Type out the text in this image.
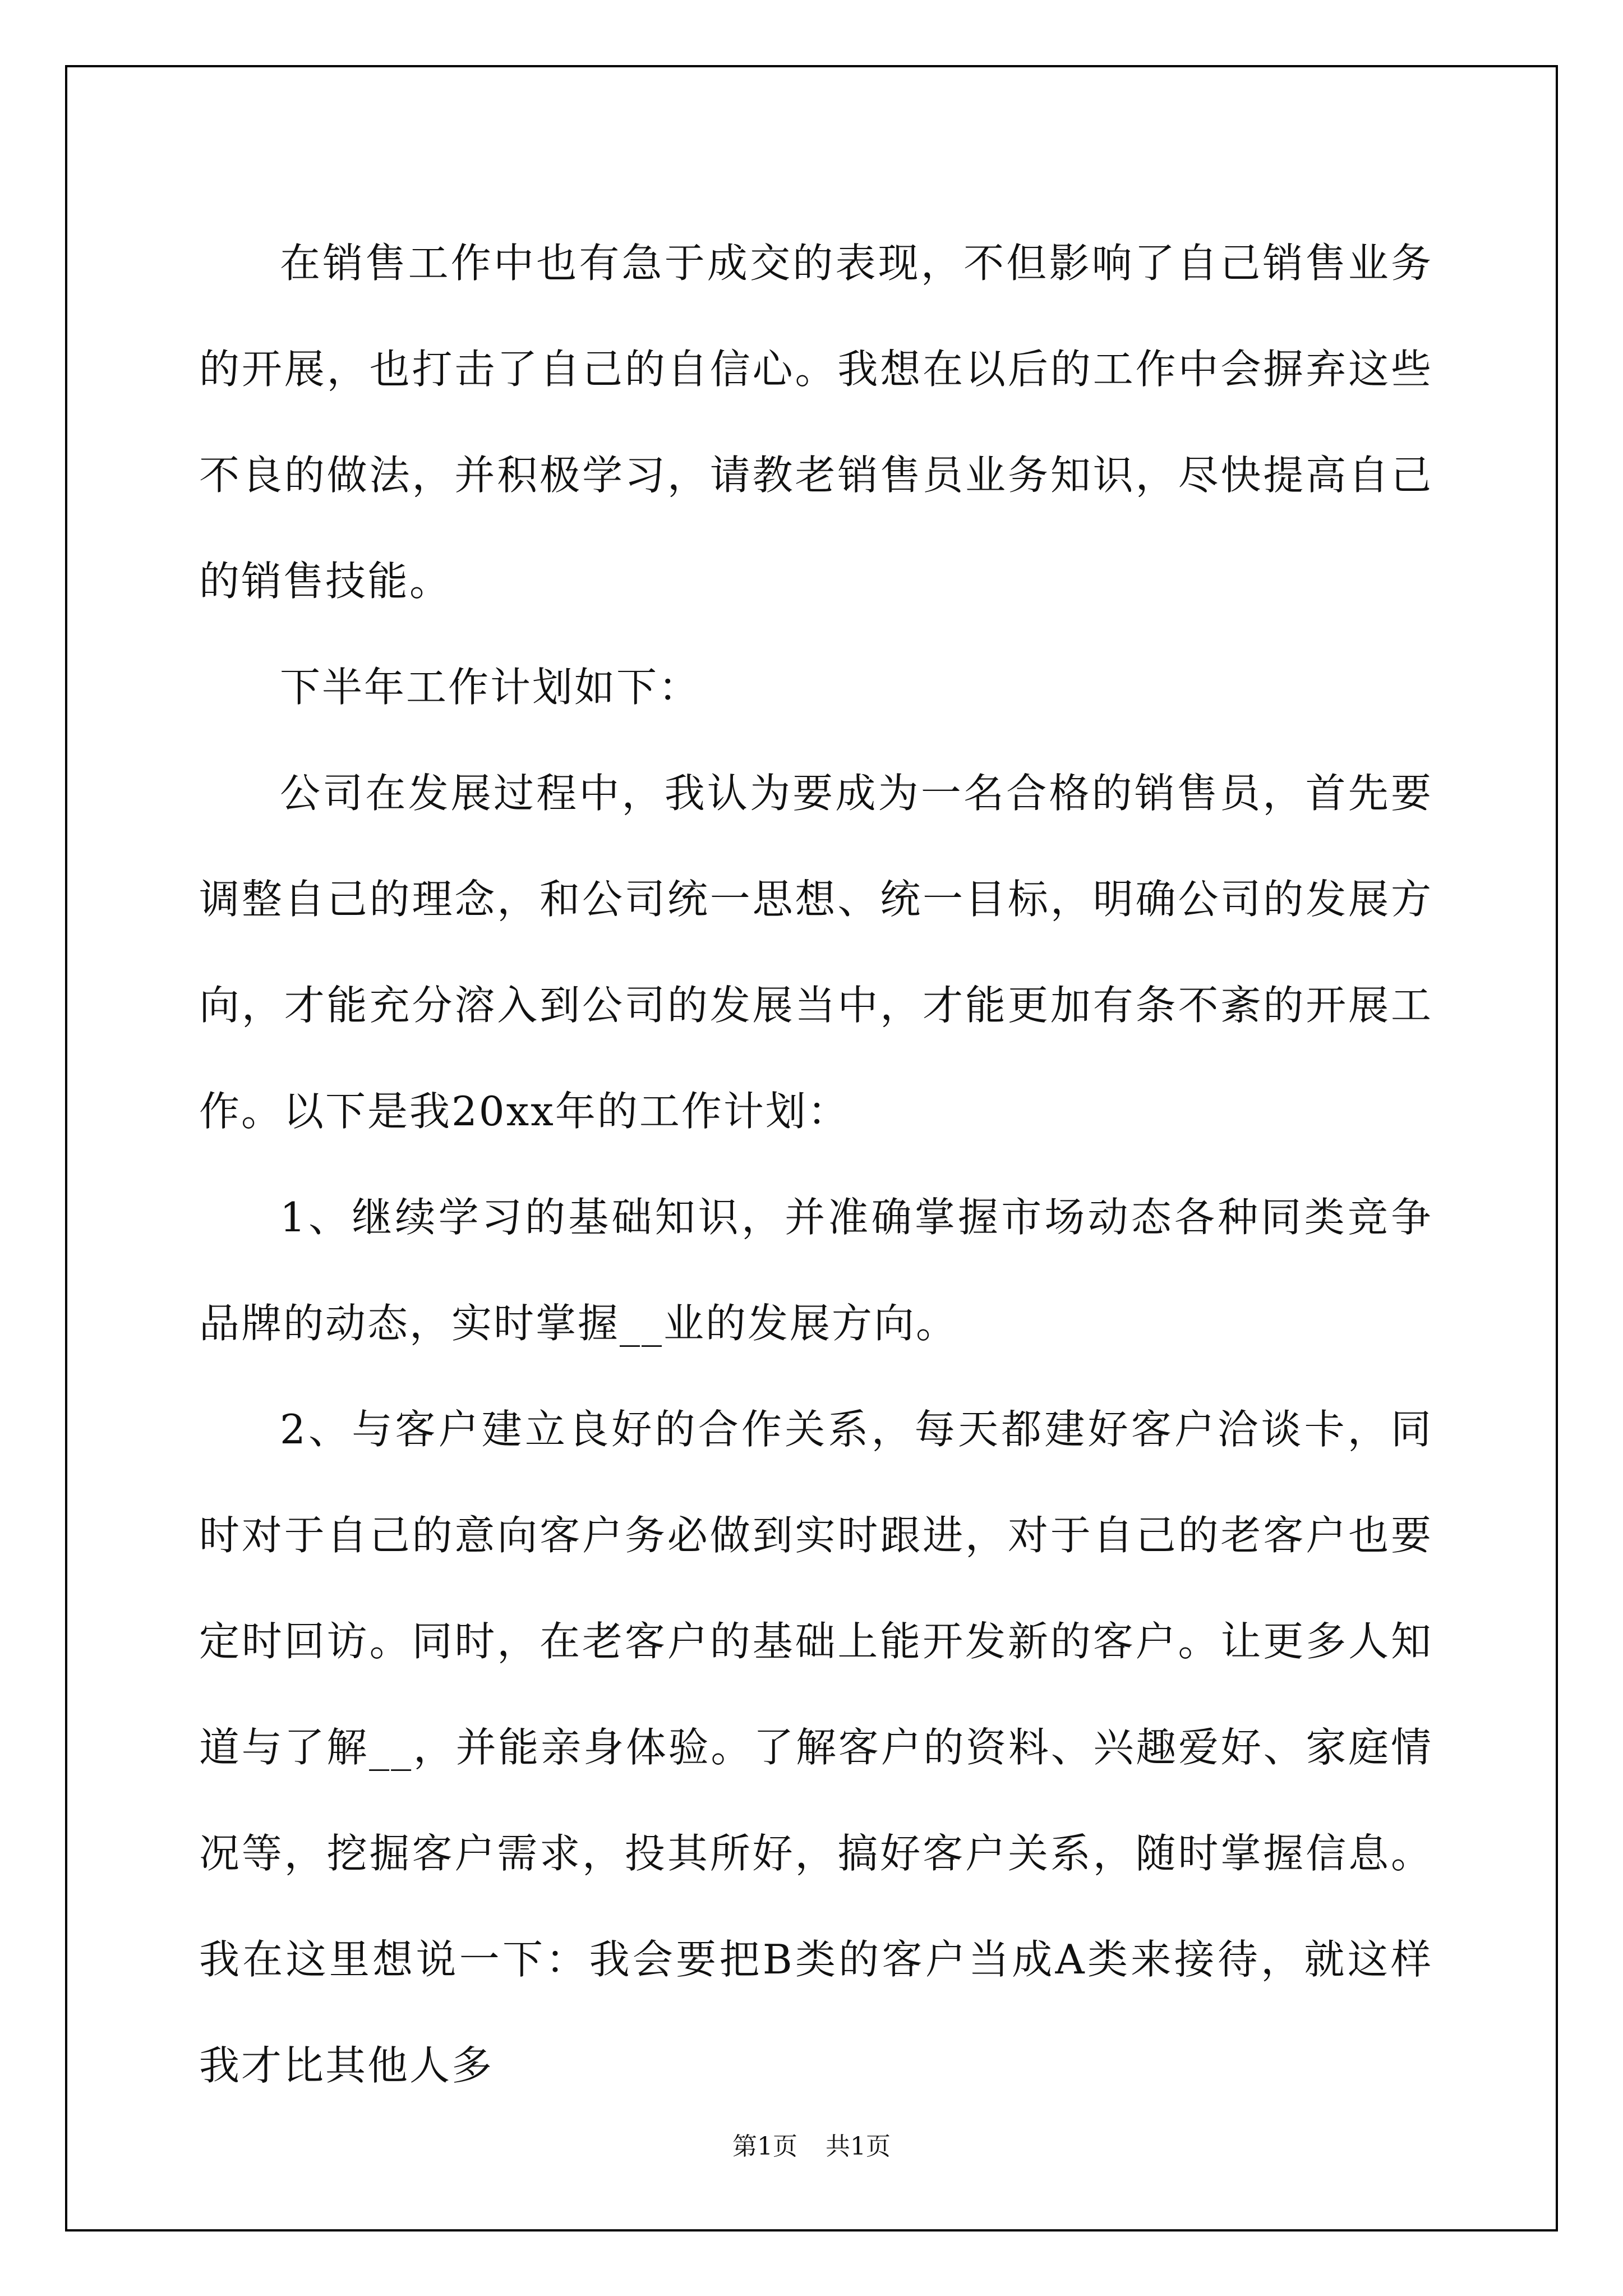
在销售工作中也有急于成交的表现，不但影响了自己销售业务的开展，也打击了自己的自信心。我想在以后的工作中会摒弃这些不良的做法，并积极学习，请教老销售员业务知识，尽快提高自己的销售技能。

下半年工作计划如下：

公司在发展过程中，我认为要成为一名合格的销售员，首先要调整自己的理念，和公司统一思想、统一目标，明确公司的发展方向，才能充分溶入到公司的发展当中，才能更加有条不紊的开展工作。以下是我20xx年的工作计划：

1、继续学习的基础知识，并准确掌握市场动态各种同类竞争品牌的动态，实时掌握__业的发展方向。

2、与客户建立良好的合作关系，每天都建好客户洽谈卡，同时对于自己的意向客户务必做到实时跟进，对于自己的老客户也要定时回访。同时，在老客户的基础上能开发新的客户。让更多人知道与了解__，并能亲身体验。了解客户的资料、兴趣爱好、家庭情况等，挖掘客户需求，投其所好，搞好客户关系，随时掌握信息。我在这里想说一下：我会要把B类的客户当成A类来接待，就这样我才比其他人多

第1页 共1页
